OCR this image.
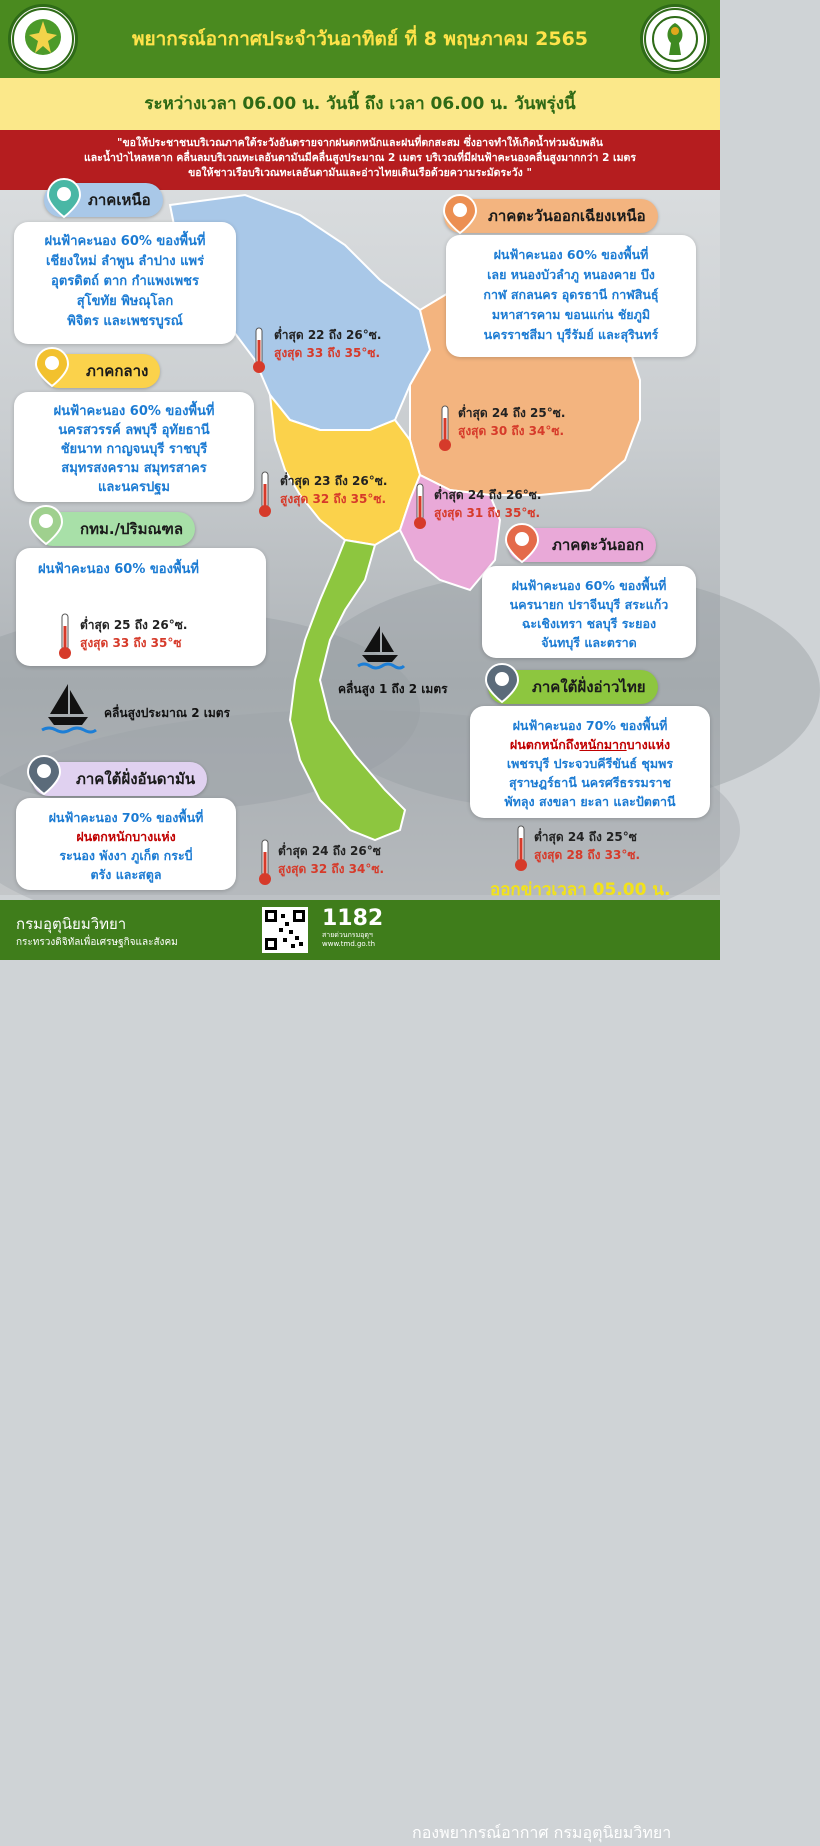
พยากรณ์อากาศประจำวันอาทิตย์ ที่ 8 พฤษภาคม 2565
ระหว่างเวลา 06.00 น. วันนี้ ถึง เวลา 06.00 น. วันพรุ่งนี้
"ขอให้ประชาชนบริเวณภาคใต้ระวังอันตรายจากฝนตกหนักและฝนที่ตกสะสม ซึ่งอาจทำให้เกิดน้ำท่วมฉับพลัน
และน้ำป่าไหลหลาก คลื่นลมบริเวณทะเลอันดามันมีคลื่นสูงประมาณ 2 เมตร บริเวณที่มีฝนฟ้าคะนองคลื่นสูงมากกว่า 2 เมตร
ขอให้ชาวเรือบริเวณทะเลอันดามันและอ่าวไทยเดินเรือด้วยความระมัดระวัง "
ภาคเหนือ
ฝนฟ้าคะนอง 60% ของพื้นที่
เชียงใหม่ ลำพูน ลำปาง แพร่
อุตรดิตถ์ ตาก กำแพงเพชร
สุโขทัย พิษณุโลก
พิจิตร และเพชรบูรณ์
ต่ำสุด 22 ถึง 26°ซ.
สูงสุด 33 ถึง 35°ซ.
ภาคตะวันออกเฉียงเหนือ
ฝนฟ้าคะนอง 60% ของพื้นที่
เลย หนองบัวลำภู หนองคาย บึง
กาฬ สกลนคร อุดรธานี กาฬสินธุ์
มหาสารคาม ขอนแก่น ชัยภูมิ
นครราชสีมา บุรีรัมย์ และสุรินทร์
ต่ำสุด 24 ถึง 25°ซ.
สูงสุด 30 ถึง 34°ซ.
ภาคกลาง
ฝนฟ้าคะนอง 60% ของพื้นที่
นครสวรรค์ ลพบุรี อุทัยธานี
ชัยนาท กาญจนบุรี ราชบุรี
สมุทรสงคราม สมุทรสาคร
และนครปฐม	ต่ำสุด 23 ถึง 26°ซ.
สูงสุด 32 ถึง 35°ซ.	ต่ำสุด 24 ถึง 26°ซ.
สูงสุด 31 ถึง 35°ซ.
กทม./ปริมณฑล
ฝนฟ้าคะนอง 60% ของพื้นที่
ต่ำสุด 25 ถึง 26°ซ.
สูงสุด 33 ถึง 35°ซ
ภาคตะวันออก
ฝนฟ้าคะนอง 60% ของพื้นที่
นครนายก ปราจีนบุรี สระแก้ว
ฉะเชิงเทรา ชลบุรี ระยอง
จันทบุรี และตราด
คลื่นสูง 1 ถึง 2 เมตร
คลื่นสูงประมาณ 2 เมตร
ภาคใต้ฝั่งอ่าวไทย
ฝนฟ้าคะนอง 70% ของพื้นที่
ฝนตกหนักถึงหนักมากบางแห่ง
เพชรบุรี ประจวบคีรีขันธ์ ชุมพร
สุราษฎร์ธานี นครศรีธรรมราช
พัทลุง สงขลา ยะลา และปัตตานี
ต่ำสุด 24 ถึง 25°ซ
สูงสุด 28 ถึง 33°ซ.
ภาคใต้ฝั่งอันดามัน
ฝนฟ้าคะนอง 70% ของพื้นที่
ฝนตกหนักบางแห่ง
ระนอง พังงา ภูเก็ต กระบี่
ตรัง และสตูล
ต่ำสุด 24 ถึง 26°ซ
สูงสุด 32 ถึง 34°ซ.
ออกข่าวเวลา 05.00 น.
กรมอุตุนิยมวิทยา
กระทรวงดิจิทัลเพื่อเศรษฐกิจและสังคม
กองพยากรณ์อากาศ กรมอุตุนิยมวิทยา
1182
สายด่วนกรมอุตุฯ
www.tmd.go.th
